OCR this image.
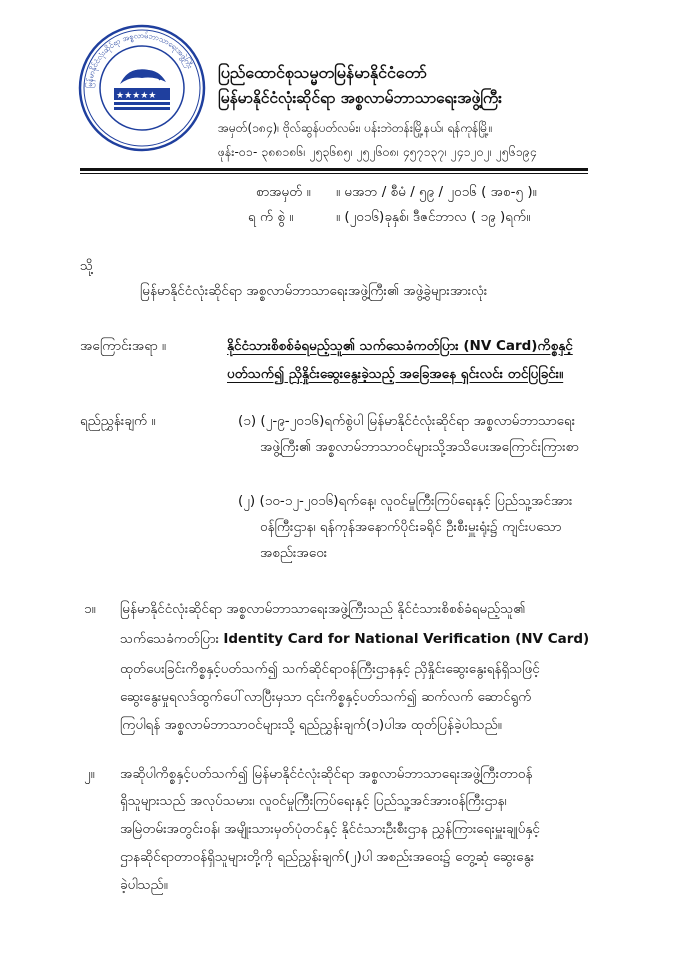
မြန်မာနိုင်ငံလုံးဆိုင်ရာ အစ္စလာမ်ဘာသာရေးအဖွဲ့ကြီး
★★★★★
ပြည်ထောင်စုသမ္မတမြန်မာနိုင်ငံတော်
မြန်မာနိုင်ငံလုံးဆိုင်ရာ အစ္စလာမ်ဘာသာရေးအဖွဲ့ကြီး
အမှတ်(၁၈၄)၊ ဗိုလ်ဆွန်ပတ်လမ်း၊ ပန်းဘဲတန်းမြို့နယ်၊ ရန်ကုန်မြို့။
ဖုန်း-၀၁- ၃၈၈၁၈၆၊ ၂၅၃၆၈၅၊ ၂၅၂၆၀၈၊ ၄၅၇၁၃၇၊ ၂၄၁၂၀၂၊ ၂၅၆၁၉၄
စာအမှတ် ။ ။ မအဘ / စီမံ / ၅၉ / ၂၀၁၆ ( အစ-၅ )။
ရ က် စွဲ ။	။ (၂၀၁၆)ခုနှစ်၊ ဒီဇင်ဘာလ ( ၁၉ )ရက်။
သို့
မြန်မာနိုင်ငံလုံးဆိုင်ရာ အစ္စလာမ်ဘာသာရေးအဖွဲ့ကြီး၏ အဖွဲ့ခွဲများအားလုံး
အကြောင်းအရာ ။	နိုင်ငံသားစိစစ်ခံရမည့်သူ၏ သက်သေခံကတ်ပြား (NV Card)ကိစ္စနှင့်
ပတ်သက်၍ ညှိနှိုင်းဆွေးနွေးခဲ့သည့် အခြေအနေ ရှင်းလင်း တင်ပြခြင်း။
ရည်ညွှန်းချက် ။	(၁) (၂-၉-၂၀၁၆)ရက်စွဲပါ မြန်မာနိုင်ငံလုံးဆိုင်ရာ အစ္စလာမ်ဘာသာရေး
အဖွဲ့ကြီး၏ အစ္စလာမ်ဘာသာဝင်များသို့အသိပေးအကြောင်းကြားစာ
(၂) (၁၀-၁၂-၂၀၁၆)ရက်နေ့၊ လူဝင်မှုကြီးကြပ်ရေးနှင့် ပြည်သူ့အင်အား
ဝန်ကြီးဌာန၊ ရန်ကုန်အနောက်ပိုင်းခရိုင် ဦးစီးမှူးရုံး၌ ကျင်းပသော
အစည်းအဝေး
၁။ မြန်မာနိုင်ငံလုံးဆိုင်ရာ အစ္စလာမ်ဘာသာရေးအဖွဲ့ကြီးသည် နိုင်ငံသားစိစစ်ခံရမည့်သူ၏
သက်သေခံကတ်ပြား Identity Card for National Verification (NV Card)
ထုတ်ပေးခြင်းကိစ္စနှင့်ပတ်သက်၍ သက်ဆိုင်ရာဝန်ကြီးဌာနနှင့် ညှိနှိုင်းဆွေးနွေးရန်ရှိသဖြင့်
ဆွေးနွေးမှုရလဒ်ထွက်ပေါ်လာပြီးမှသာ ၎င်းကိစ္စနှင့်ပတ်သက်၍ ဆက်လက် ဆောင်ရွက်
ကြပါရန် အစ္စလာမ်ဘာသာဝင်များသို့ ရည်ညွှန်းချက်(၁)ပါအ ထုတ်ပြန်ခဲ့ပါသည်။
၂။ အဆိုပါကိစ္စနှင့်ပတ်သက်၍ မြန်မာနိုင်ငံလုံးဆိုင်ရာ အစ္စလာမ်ဘာသာရေးအဖွဲ့ကြီးတာဝန်
ရှိသူများသည် အလုပ်သမား၊ လူဝင်မှုကြီးကြပ်ရေးနှင့် ပြည်သူ့အင်အားဝန်ကြီးဌာန၊
အမြဲတမ်းအတွင်းဝန်၊ အမျိုးသားမှတ်ပုံတင်နှင့် နိုင်ငံသားဦးစီးဌာန ညွှန်ကြားရေးမှူးချုပ်နှင့်
ဌာနဆိုင်ရာတာဝန်ရှိသူများတို့ကို ရည်ညွှန်းချက်(၂)ပါ အစည်းအဝေး၌ တွေ့ဆုံ ဆွေးနွေး
ခဲ့ပါသည်။
